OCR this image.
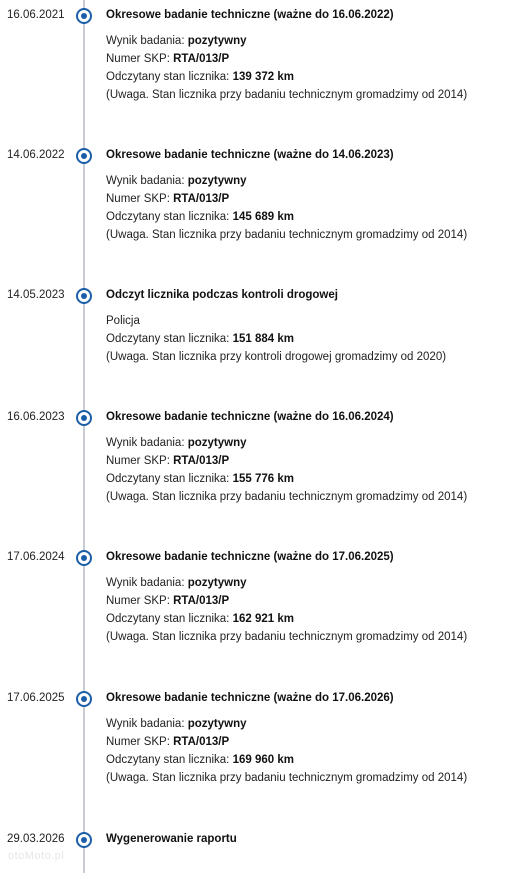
16.06.2021	Okresowe badanie techniczne (ważne do 16.06.2022)
Wynik badania: pozytywny
Numer SKP: RTA/013/P
Odczytany stan licznika: 139 372 km
(Uwaga. Stan licznika przy badaniu technicznym gromadzimy od 2014)
14.06.2022	Okresowe badanie techniczne (ważne do 14.06.2023)
Wynik badania: pozytywny
Numer SKP: RTA/013/P
Odczytany stan licznika: 145 689 km
(Uwaga. Stan licznika przy badaniu technicznym gromadzimy od 2014)
14.05.2023	Odczyt licznika podczas kontroli drogowej
Policja
Odczytany stan licznika: 151 884 km
(Uwaga. Stan licznika przy kontroli drogowej gromadzimy od 2020)
16.06.2023	Okresowe badanie techniczne (ważne do 16.06.2024)
Wynik badania: pozytywny
Numer SKP: RTA/013/P
Odczytany stan licznika: 155 776 km
(Uwaga. Stan licznika przy badaniu technicznym gromadzimy od 2014)
17.06.2024	Okresowe badanie techniczne (ważne do 17.06.2025)
Wynik badania: pozytywny
Numer SKP: RTA/013/P
Odczytany stan licznika: 162 921 km
(Uwaga. Stan licznika przy badaniu technicznym gromadzimy od 2014)
17.06.2025	Okresowe badanie techniczne (ważne do 17.06.2026)
Wynik badania: pozytywny
Numer SKP: RTA/013/P
Odczytany stan licznika: 169 960 km
(Uwaga. Stan licznika przy badaniu technicznym gromadzimy od 2014)
29.03.2026	Wygenerowanie raportu
otoMoto.pl
